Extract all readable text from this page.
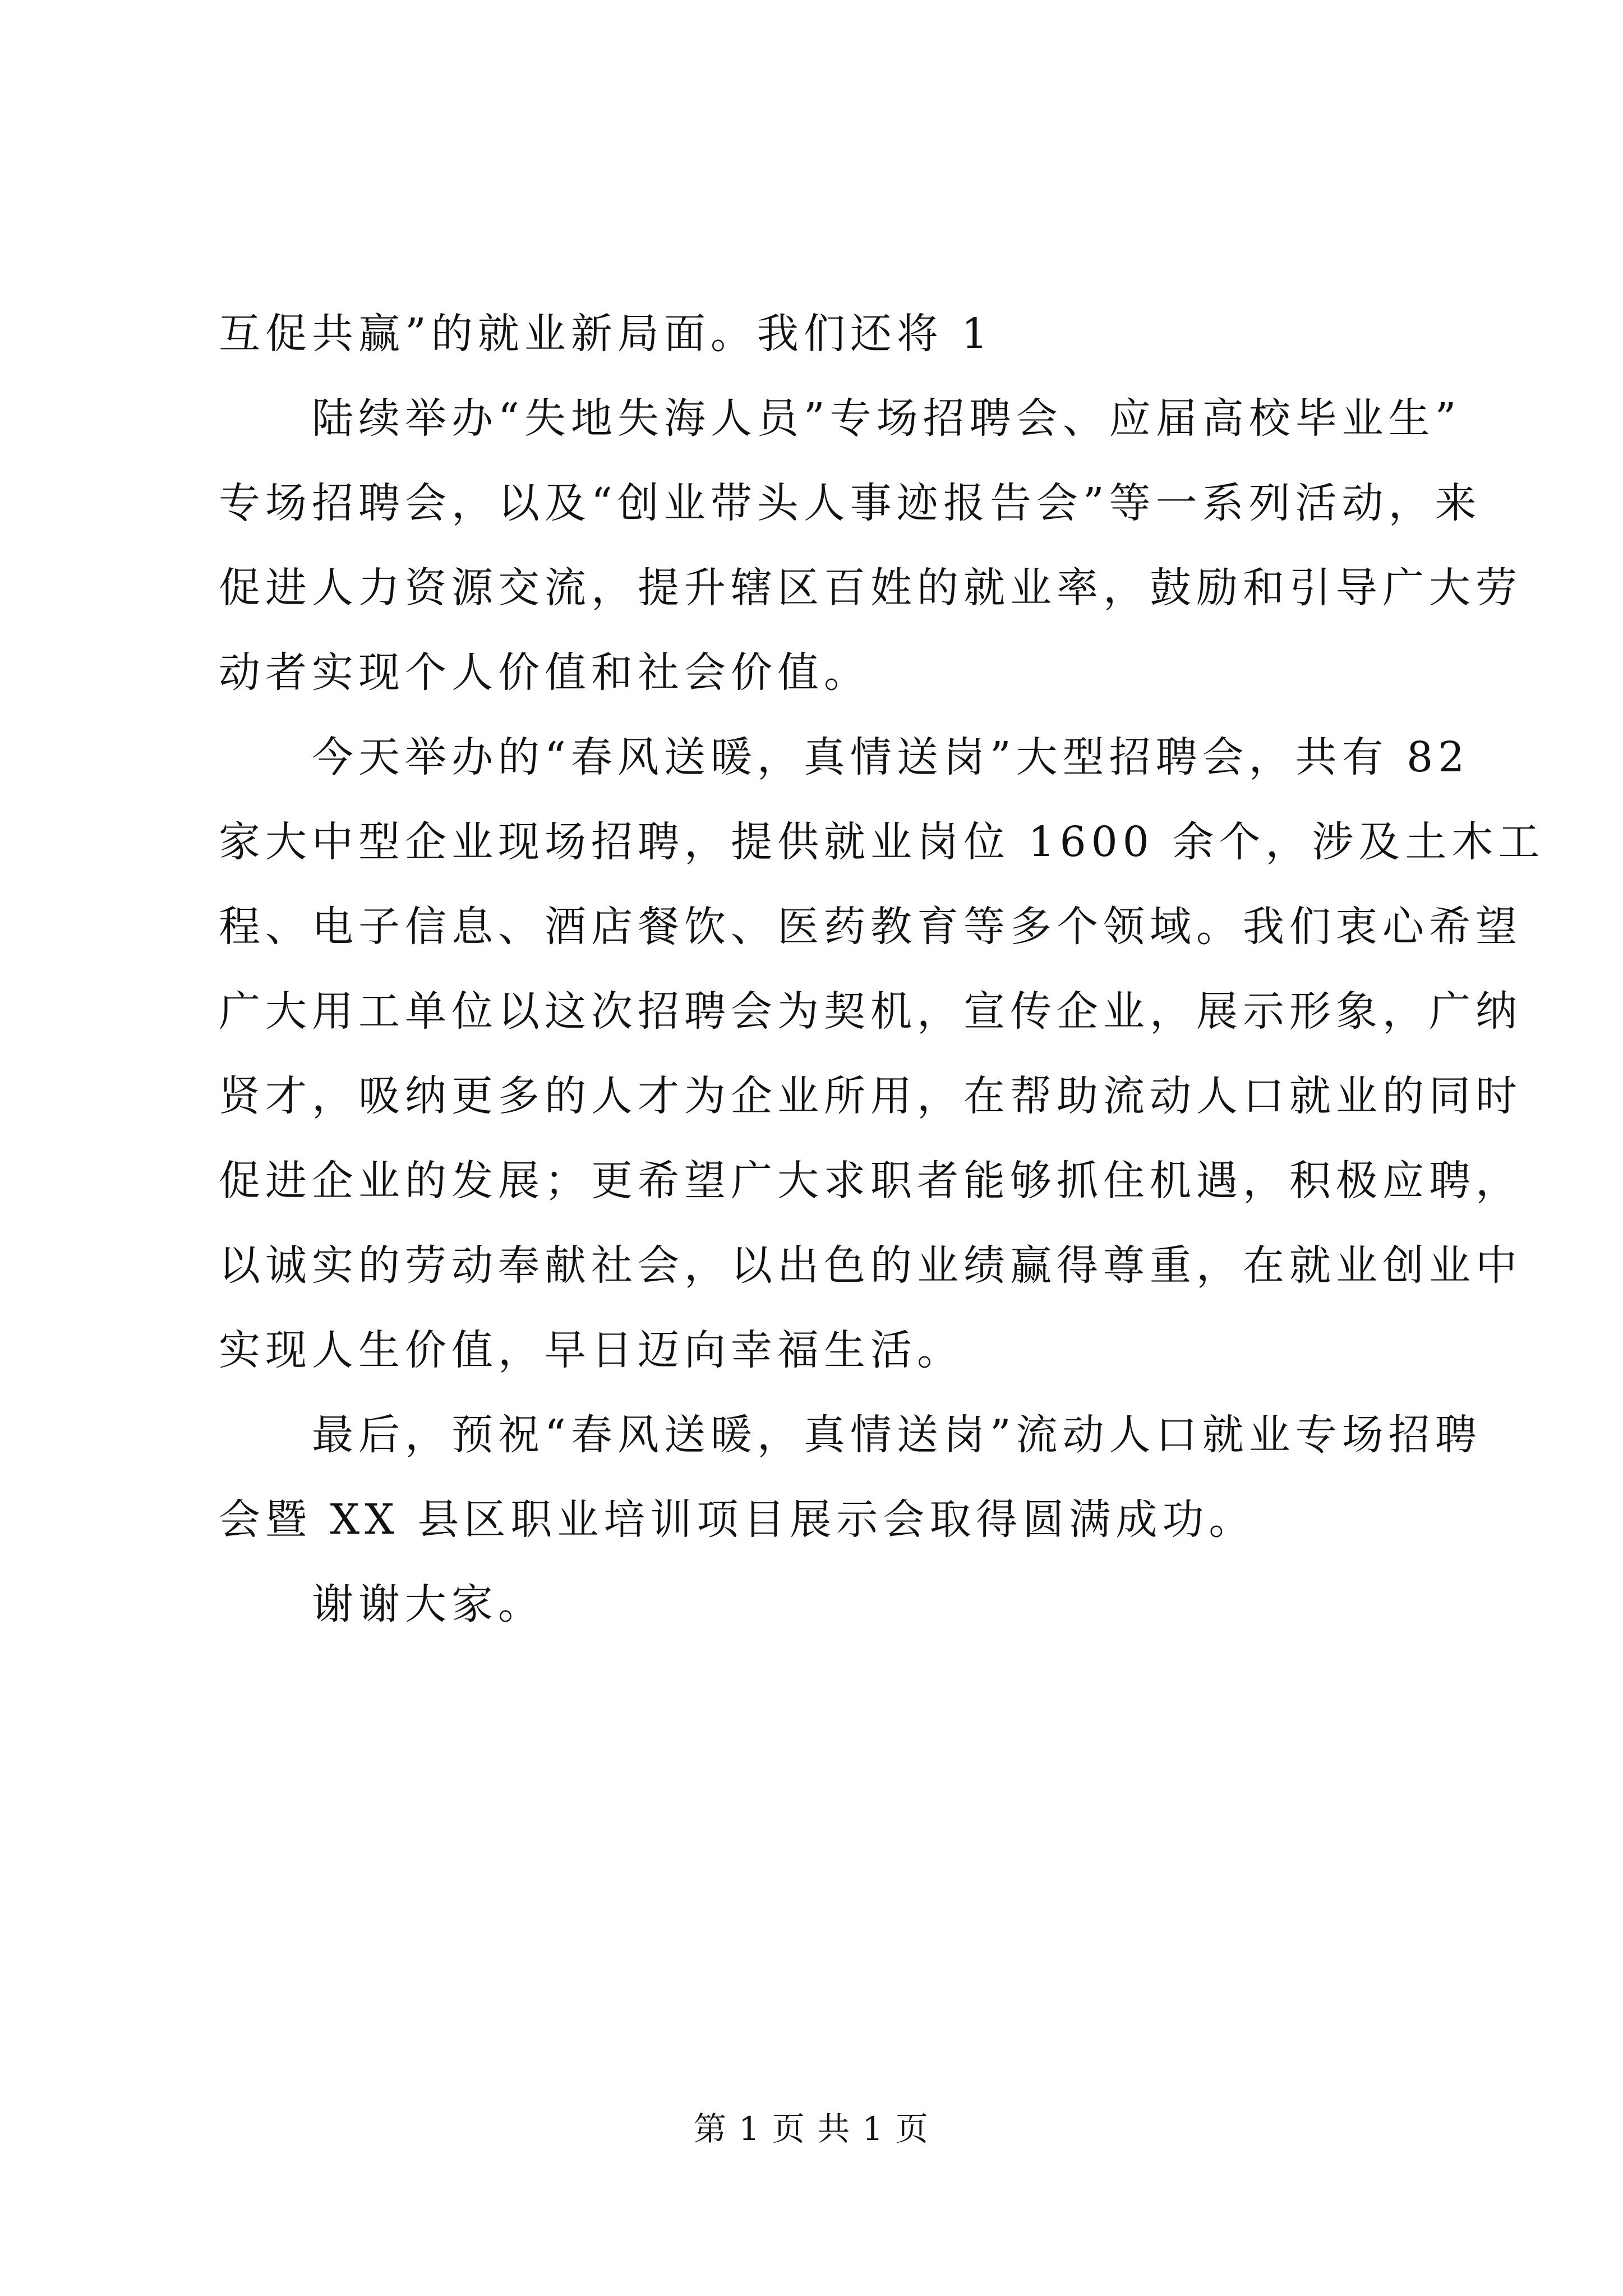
互促共赢”的就业新局面。我们还将 1

陆续举办“失地失海人员”专场招聘会、应届高校毕业生”

专场招聘会，以及“创业带头人事迹报告会”等一系列活动，来

促进人力资源交流，提升辖区百姓的就业率，鼓励和引导广大劳

动者实现个人价值和社会价值。

今天举办的“春风送暖，真情送岗”大型招聘会，共有 82

家大中型企业现场招聘，提供就业岗位 1600 余个，涉及土木工

程、电子信息、酒店餐饮、医药教育等多个领域。我们衷心希望

广大用工单位以这次招聘会为契机，宣传企业，展示形象，广纳

贤才，吸纳更多的人才为企业所用，在帮助流动人口就业的同时

促进企业的发展；更希望广大求职者能够抓住机遇，积极应聘，

以诚实的劳动奉献社会，以出色的业绩赢得尊重，在就业创业中

实现人生价值，早日迈向幸福生活。

最后，预祝“春风送暖，真情送岗”流动人口就业专场招聘

会暨 XX 县区职业培训项目展示会取得圆满成功。

谢谢大家。

第 1 页 共 1 页
